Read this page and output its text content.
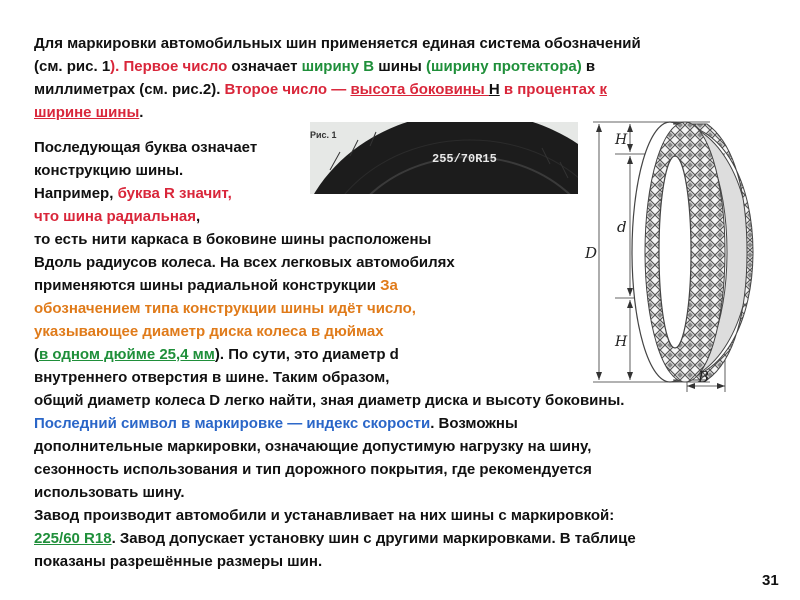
Для маркировки автомобильных шин применяется единая система обозначений
(см. рис. 1). Первое число означает ширину В шины (ширину протектора) в
миллиметрах (см. рис.2). Второе число — высота боковины Н в процентах к
ширине шины.
Рис. 1
255/70R15
D
d
H
H
B
Последующая буква означает
конструкцию шины.
Например, буква R значит,
что шина радиальная,
то есть нити каркаса в боковине шины расположены
Вдоль радиусов колеса. На всех легковых автомобилях
применяются шины радиальной конструкции За
обозначением типа конструкции шины идёт число,
указывающее диаметр диска колеса в дюймах
(в одном дюйме 25,4 мм). По сути, это диаметр d
внутреннего отверстия в шине. Таким образом,
общий диаметр колеса D легко найти, зная диаметр диска и высоту боковины.
Последний символ в маркировке — индекс скорости. Возможны
дополнительные маркировки, означающие допустимую нагрузку на шину,
сезонность использования и тип дорожного покрытия, где рекомендуется
использовать шину.
Завод производит автомобили и устанавливает на них шины с маркировкой:
225/60 R18. Завод допускает установку шин с другими маркировками. В таблице
показаны разрешённые размеры шин.
31
